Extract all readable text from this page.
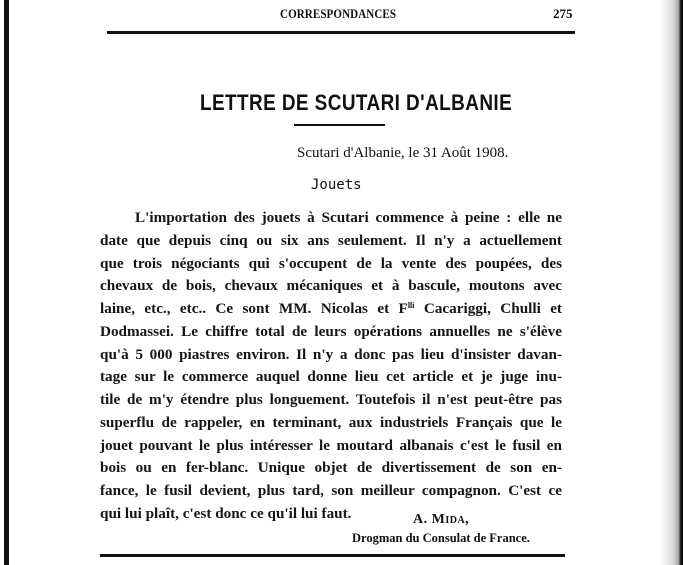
CORRESPONDANCES	275
LETTRE DE SCUTARI D'ALBANIE
Scutari d'Albanie, le 31 Août 1908.
Jouets
L'importation des jouets à Scutari commence à peine : elle ne
date que depuis cinq ou six ans seulement. Il n'y a actuellement
que trois négociants qui s'occupent de la vente des poupées, des
chevaux de bois, chevaux mécaniques et à bascule, moutons avec
laine, etc., etc.. Ce sont MM. Nicolas et $F^{lli}$ Cacariggi, Chulli et
Dodmassei. Le chiffre total de leurs opérations annuelles ne s'élève
qu'à 5 000 piastres environ. Il n'y a donc pas lieu d'insister davan-
tage sur le commerce auquel donne lieu cet article et je juge inu-
tile de m'y étendre plus longuement. Toutefois il n'est peut-être pas
superflu de rappeler, en terminant, aux industriels Français que le
jouet pouvant le plus intéresser le moutard albanais c'est le fusil en
bois ou en fer-blanc. Unique objet de divertissement de son en-
fance, le fusil devient, plus tard, son meilleur compagnon. C'est ce
qui lui plaît, c'est donc ce qu'il lui faut.	A. Mida,
Drogman du Consulat de France.
